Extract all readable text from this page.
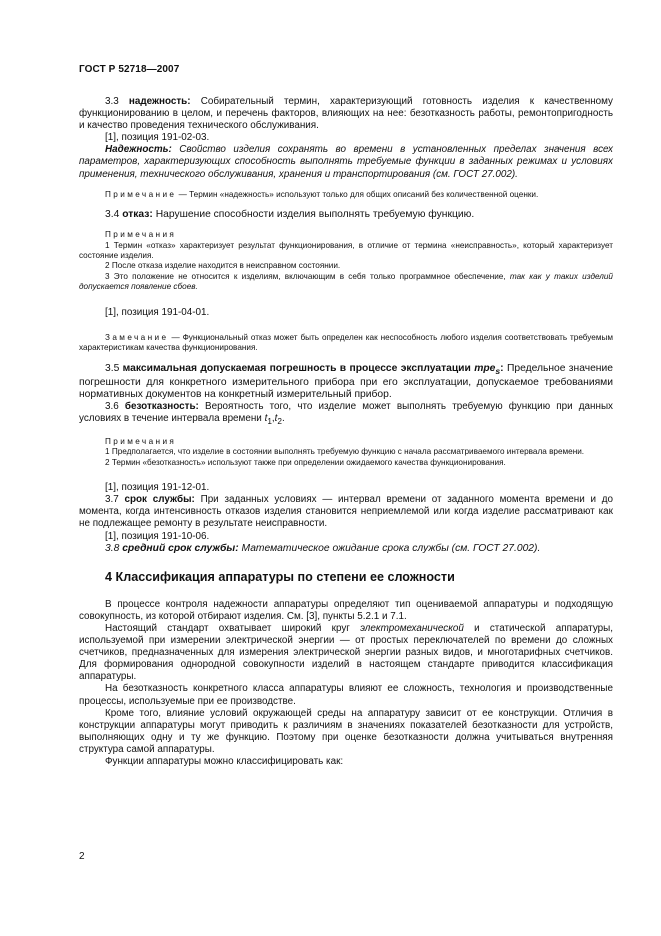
ГОСТ Р 52718—2007

3.3 надежность: Собирательный термин, характеризующий готовность изделия к качественному функционированию в целом, и перечень факторов, влияющих на нее: безотказность работы, ремонтопригодность и качество проведения технического обслуживания.

[1], позиция 191-02-03.

Надежность: Свойство изделия сохранять во времени в установленных пределах значения всех параметров, характеризующих способность выполнять требуемые функции в заданных режимах и условиях применения, технического обслуживания, хранения и транспортирования (см. ГОСТ 27.002).

Примечание — Термин «надежность» используют только для общих описаний без количественной оценки.

3.4 отказ: Нарушение способности изделия выполнять требуемую функцию.

Примечания

1 Термин «отказ» характеризует результат функционирования, в отличие от термина «неисправность», который характеризует состояние изделия.

2 После отказа изделие находится в неисправном состоянии.

3 Это положение не относится к изделиям, включающим в себя только программное обеспечение, так как у таких изделий допускается появление сбоев.

[1], позиция 191-04-01.

Замечание — Функциональный отказ может быть определен как неспособность любого изделия соответствовать требуемым характеристикам качества функционирования.

3.5 максимальная допускаемая погрешность в процессе эксплуатации mpe$_s$: Предельное значение погрешности для конкретного измерительного прибора при его эксплуатации, допускаемое требованиями нормативных документов на конкретный измерительный прибор.

3.6 безотказность: Вероятность того, что изделие может выполнять требуемую функцию при данных условиях в течение интервала времени $t_1,t_2$.

Примечания

1 Предполагается, что изделие в состоянии выполнять требуемую функцию с начала рассматриваемого интервала времени.

2 Термин «безотказность» используют также при определении ожидаемого качества функционирования.

[1], позиция 191-12-01.

3.7 срок службы: При заданных условиях — интервал времени от заданного момента времени и до момента, когда интенсивность отказов изделия становится неприемлемой или когда изделие рассматривают как не подлежащее ремонту в результате неисправности.

[1], позиция 191-10-06.

3.8 средний срок службы: Математическое ожидание срока службы (см. ГОСТ 27.002).

4 Классификация аппаратуры по степени ее сложности

В процессе контроля надежности аппаратуры определяют тип оцениваемой аппаратуры и подходящую совокупность, из которой отбирают изделия. См. [3], пункты 5.2.1 и 7.1.

Настоящий стандарт охватывает широкий круг электромеханической и статической аппаратуры, используемой при измерении электрической энергии — от простых переключателей по времени до сложных счетчиков, предназначенных для измерения электрической энергии разных видов, и многотарифных счетчиков. Для формирования однородной совокупности изделий в настоящем стандарте приводится классификация аппаратуры.

На безотказность конкретного класса аппаратуры влияют ее сложность, технология и производственные процессы, используемые при ее производстве.

Кроме того, влияние условий окружающей среды на аппаратуру зависит от ее конструкции. Отличия в конструкции аппаратуры могут приводить к различиям в значениях показателей безотказности для устройств, выполняющих одну и ту же функцию. Поэтому при оценке безотказности должна учитываться внутренняя структура самой аппаратуры.

Функции аппаратуры можно классифицировать как:

2
